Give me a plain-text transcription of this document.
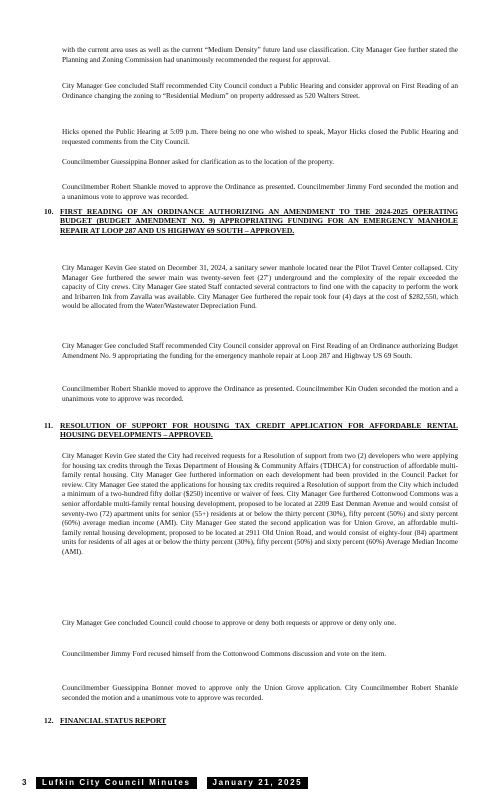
with the current area uses as well as the current “Medium Density” future land use classification. City Manager Gee further stated the Planning and Zoning Commission had unanimously recommended the request for approval.

City Manager Gee concluded Staff recommended City Council conduct a Public Hearing and consider approval on First Reading of an Ordinance changing the zoning to “Residential Medium” on property addressed as 520 Walters Street.

Hicks opened the Public Hearing at 5:09 p.m. There being no one who wished to speak, Mayor Hicks closed the Public Hearing and requested comments from the City Council.

Councilmember Guessippina Bonner asked for clarification as to the location of the property.

Councilmember Robert Shankle moved to approve the Ordinance as presented. Councilmember Jimmy Ford seconded the motion and a unanimous vote to approve was recorded.

10. FIRST READING OF AN ORDINANCE AUTHORIZING AN AMENDMENT TO THE 2024-2025 OPERATING BUDGET (BUDGET AMENDMENT NO. 9) APPROPRIATING FUNDING FOR AN EMERGENCY MANHOLE REPAIR AT LOOP 287 AND US HIGHWAY 69 SOUTH – APPROVED.

City Manager Kevin Gee stated on December 31, 2024, a sanitary sewer manhole located near the Pilot Travel Center collapsed. City Manager Gee furthered the sewer main was twenty-seven feet (27′) underground and the complexity of the repair exceeded the capacity of City crews. City Manager Gee stated Staff contacted several contractors to find one with the capacity to perform the work and Iribarren Ink from Zavalla was available. City Manager Gee furthered the repair took four (4) days at the cost of $282,550, which would be allocated from the Water/Wastewater Depreciation Fund.

City Manager Gee concluded Staff recommended City Council consider approval on First Reading of an Ordinance authorizing Budget Amendment No. 9 appropriating the funding for the emergency manhole repair at Loop 287 and Highway US 69 South.

Councilmember Robert Shankle moved to approve the Ordinance as presented. Councilmember Kin Ouden seconded the motion and a unanimous vote to approve was recorded.

11. RESOLUTION OF SUPPORT FOR HOUSING TAX CREDIT APPLICATION FOR AFFORDABLE RENTAL HOUSING DEVELOPMENTS – APPROVED.

City Manager Kevin Gee stated the City had received requests for a Resolution of support from two (2) developers who were applying for housing tax credits through the Texas Department of Housing & Community Affairs (TDHCA) for construction of affordable multi-family rental housing. City Manager Gee furthered information on each development had been provided in the Council Packet for review. City Manager Gee stated the applications for housing tax credits required a Resolution of support from the City which included a minimum of a two-hundred fifty dollar ($250) incentive or waiver of fees. City Manager Gee furthered Cottonwood Commons was a senior affordable multi-family rental housing development, proposed to be located at 2209 East Denman Avenue and would consist of seventy-two (72) apartment units for senior (55+) residents at or below the thirty percent (30%), fifty percent (50%) and sixty percent (60%) average median income (AMI). City Manager Gee stated the second application was for Union Grove, an affordable multi-family rental housing development, proposed to be located at 2911 Old Union Road, and would consist of eighty-four (84) apartment units for residents of all ages at or below the thirty percent (30%), fifty percent (50%) and sixty percent (60%) Average Median Income (AMI).

City Manager Gee concluded Council could choose to approve or deny both requests or approve or deny only one.

Councilmember Jimmy Ford recused himself from the Cottonwood Commons discussion and vote on the item.

Councilmember Guessippina Bonner moved to approve only the Union Grove application. City Councilmember Robert Shankle seconded the motion and a unanimous vote to approve was recorded.

12. FINANCIAL STATUS REPORT
3 Lufkin City Council Minutes	January 21, 2025
